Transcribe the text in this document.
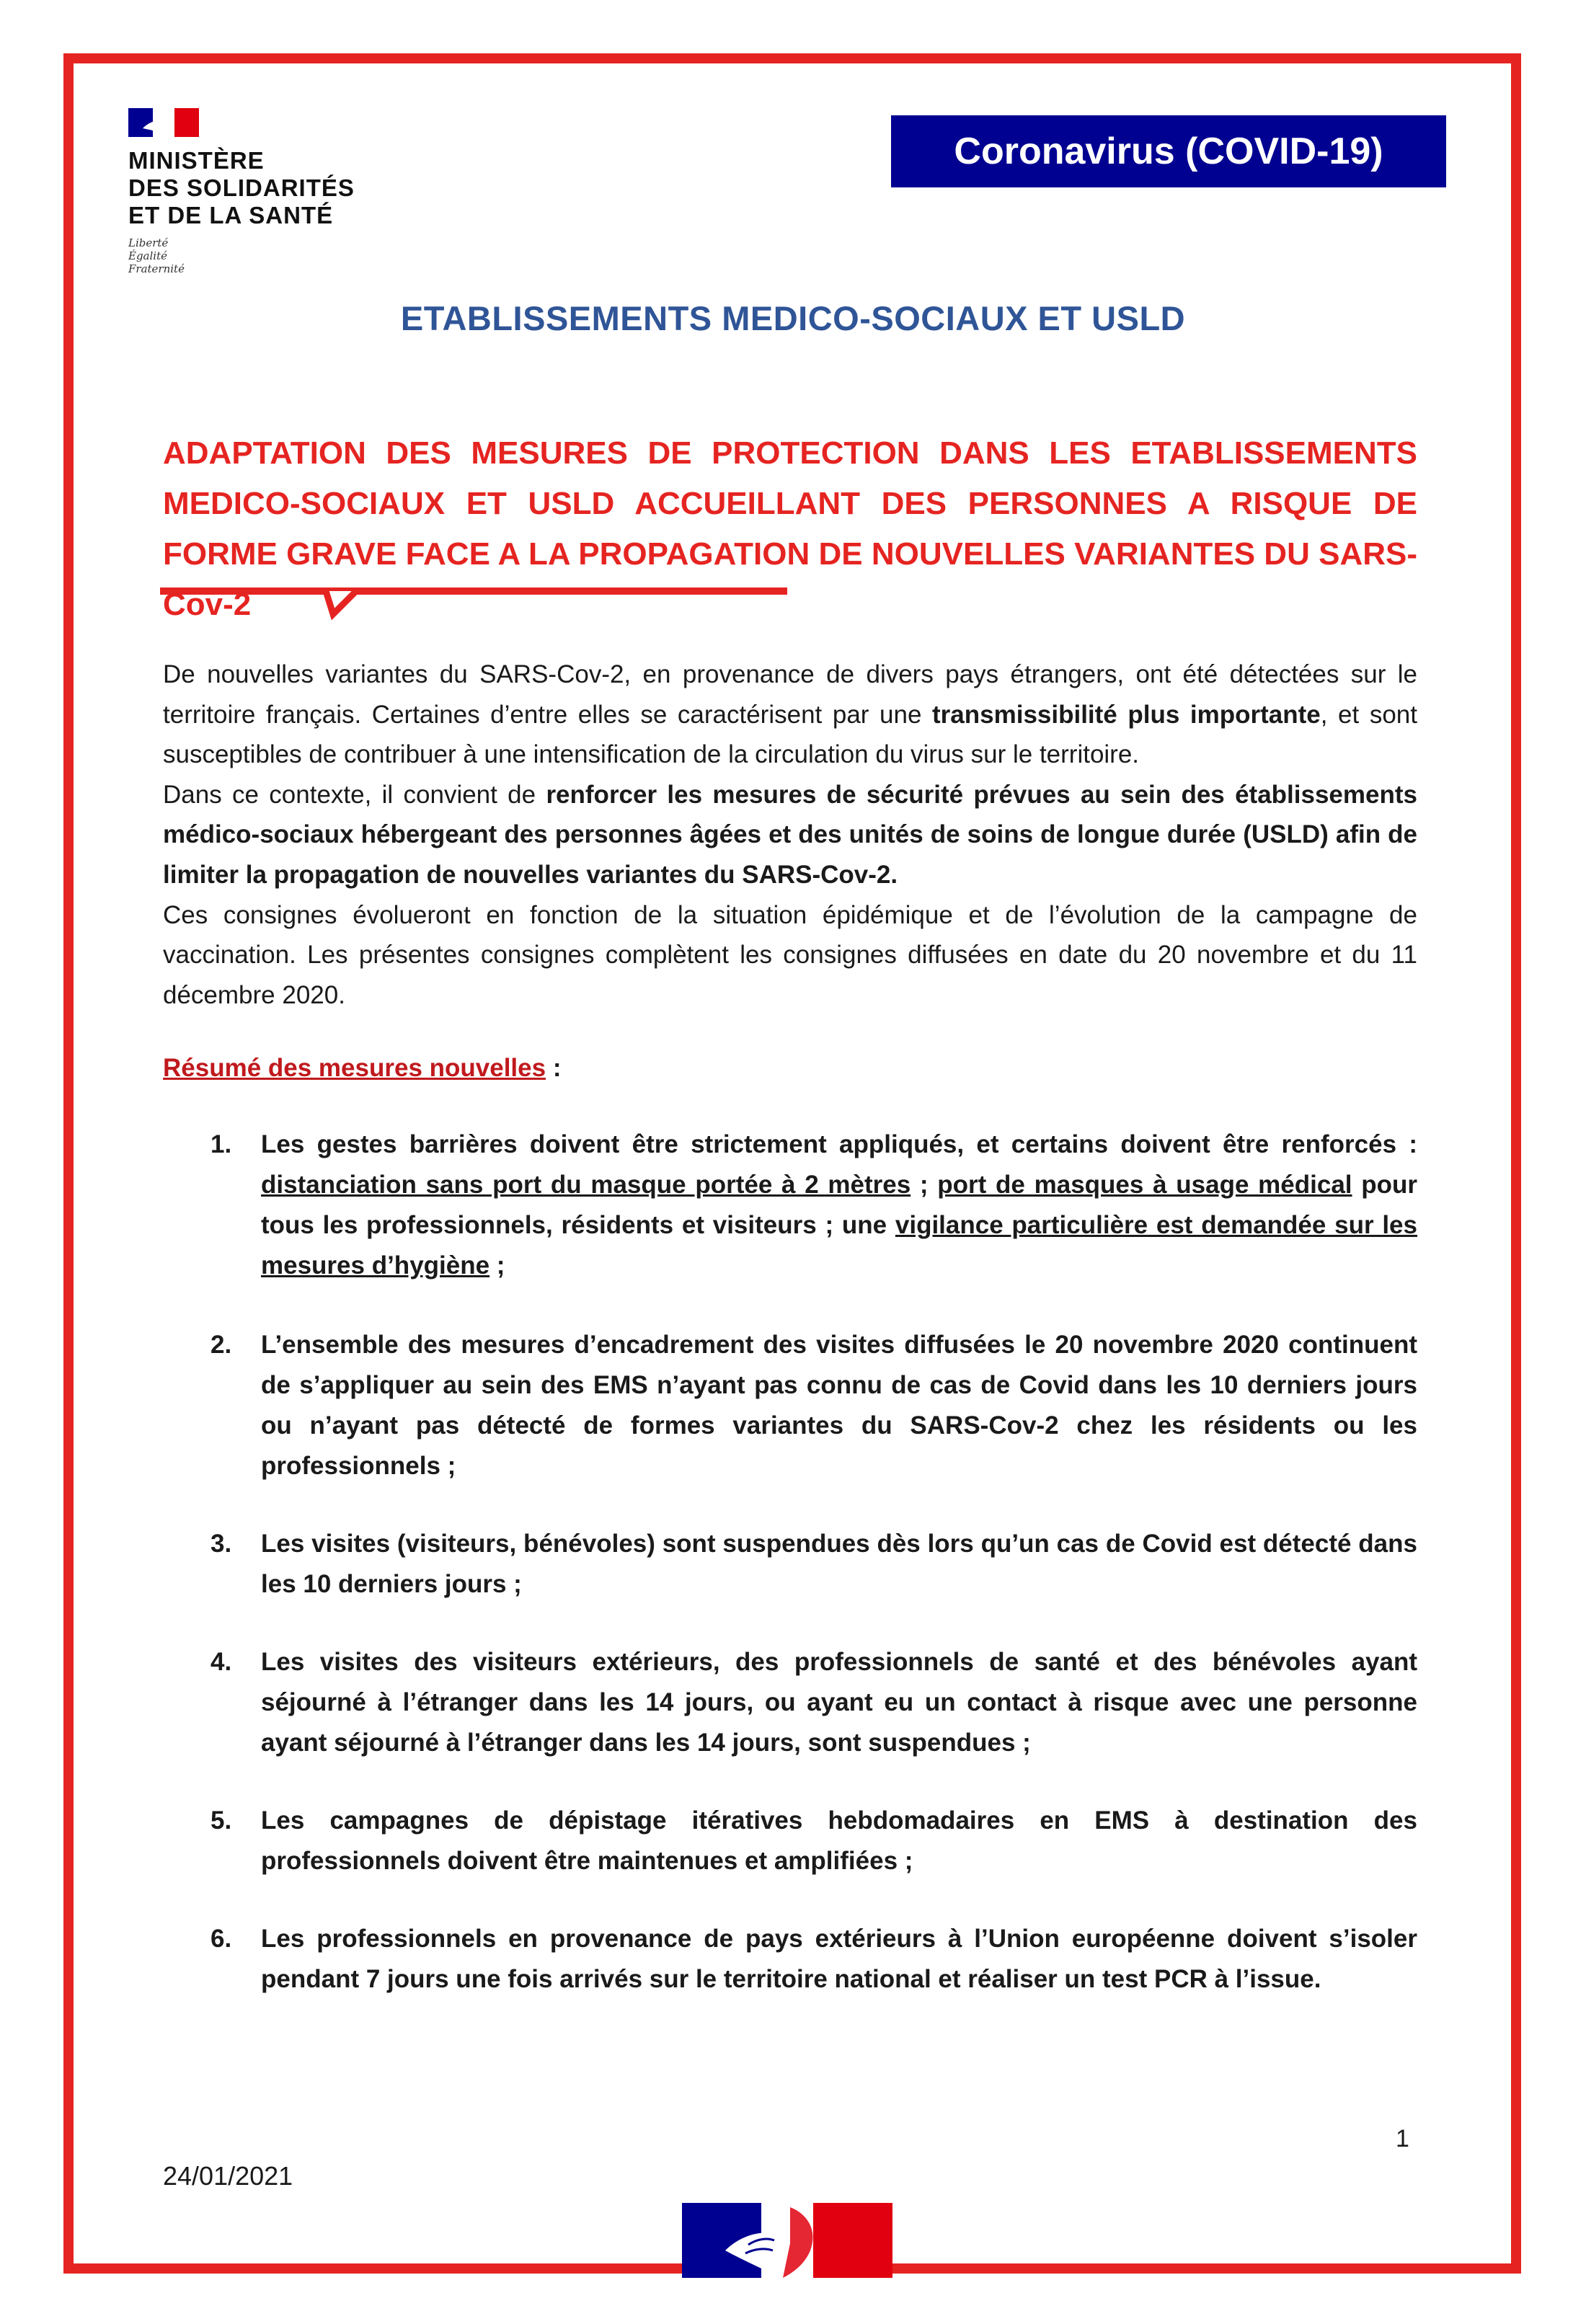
MINISTÈRE
DES SOLIDARITÉS
ET DE LA SANTÉ
Liberté
Égalité
Fraternité
Coronavirus (COVID-19)
ETABLISSEMENTS MEDICO-SOCIAUX ET USLD
ADAPTATION DES MESURES DE PROTECTION DANS LES ETABLISSEMENTS MEDICO-SOCIAUX ET USLD ACCUEILLANT DES PERSONNES A RISQUE DE FORME GRAVE FACE A LA PROPAGATION DE NOUVELLES VARIANTES DU SARS-Cov-2
De nouvelles variantes du SARS-Cov-2, en provenance de divers pays étrangers, ont été détectées sur le territoire français. Certaines d’entre elles se caractérisent par une transmissibilité plus importante, et sont susceptibles de contribuer à une intensification de la circulation du virus sur le territoire.
Dans ce contexte, il convient de renforcer les mesures de sécurité prévues au sein des établissements médico-sociaux hébergeant des personnes âgées et des unités de soins de longue durée (USLD) afin de limiter la propagation de nouvelles variantes du SARS-Cov-2.
Ces consignes évolueront en fonction de la situation épidémique et de l’évolution de la campagne de vaccination. Les présentes consignes complètent les consignes diffusées en date du 20 novembre et du 11 décembre 2020.
Résumé des mesures nouvelles :
1. Les gestes barrières doivent être strictement appliqués, et certains doivent être renforcés : distanciation sans port du masque portée à 2 mètres ; port de masques à usage médical pour tous les professionnels, résidents et visiteurs ; une vigilance particulière est demandée sur les mesures d’hygiène ;
2. L’ensemble des mesures d’encadrement des visites diffusées le 20 novembre 2020 continuent de s’appliquer au sein des EMS n’ayant pas connu de cas de Covid dans les 10 derniers jours ou n’ayant pas détecté de formes variantes du SARS-Cov-2 chez les résidents ou les professionnels ;
3. Les visites (visiteurs, bénévoles) sont suspendues dès lors qu’un cas de Covid est détecté dans les 10 derniers jours ;
4. Les visites des visiteurs extérieurs, des professionnels de santé et des bénévoles ayant séjourné à l’étranger dans les 14 jours, ou ayant eu un contact à risque avec une personne ayant séjourné à l’étranger dans les 14 jours, sont suspendues ;
5. Les campagnes de dépistage itératives hebdomadaires en EMS à destination des professionnels doivent être maintenues et amplifiées ;
6. Les professionnels en provenance de pays extérieurs à l’Union européenne doivent s’isoler pendant 7 jours une fois arrivés sur le territoire national et réaliser un test PCR à l’issue.
1
24/01/2021
